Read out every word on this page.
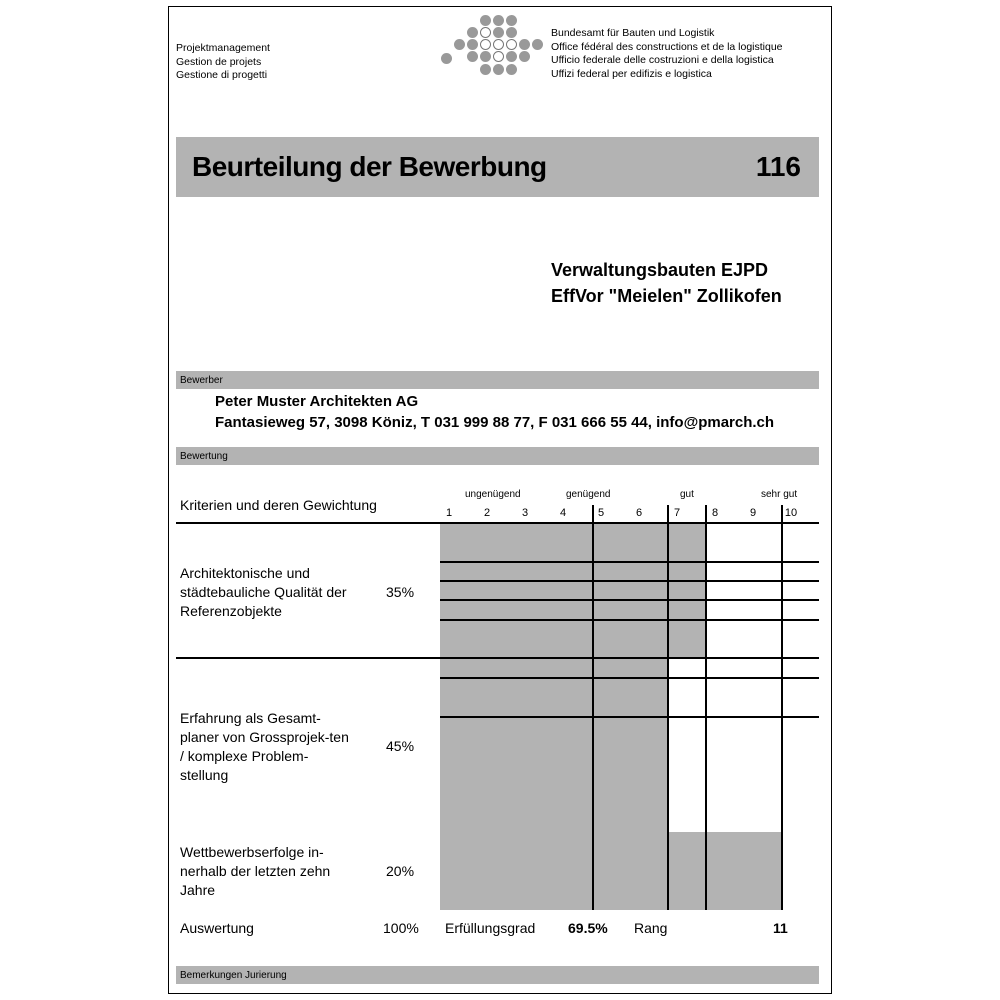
Projektmanagement
Gestion de projets
Gestione di progetti
Bundesamt für Bauten und Logistik
Office fédéral des constructions et de la logistique
Ufficio federale delle costruzioni e della logistica
Uffizi federal per edifizis e logistica
Beurteilung der Bewerbung	116
Verwaltungsbauten EJPD
EffVor "Meielen" Zollikofen
Bewerber
Peter Muster Architekten AG
Fantasieweg 57, 3098 Köniz, T 031 999 88 77, F 031 666 55 44, info@pmarch.ch
Bewertung
Kriterien und deren Gewichtung
ungenügend	genügend	gut	sehr gut
1	2	3	4	5	6	7	8	9	10
Architektonische und städtebauliche Qualität der Referenzobjekte
35%
Erfahrung als Gesamt-planer von Grossprojek-ten / komplexe Problem-stellung
45%
Wettbewerbserfolge in-nerhalb der letzten zehn Jahre
20%
Auswertung	100% Erfüllungsgrad 69.5% Rang	11
Bemerkungen Jurierung
